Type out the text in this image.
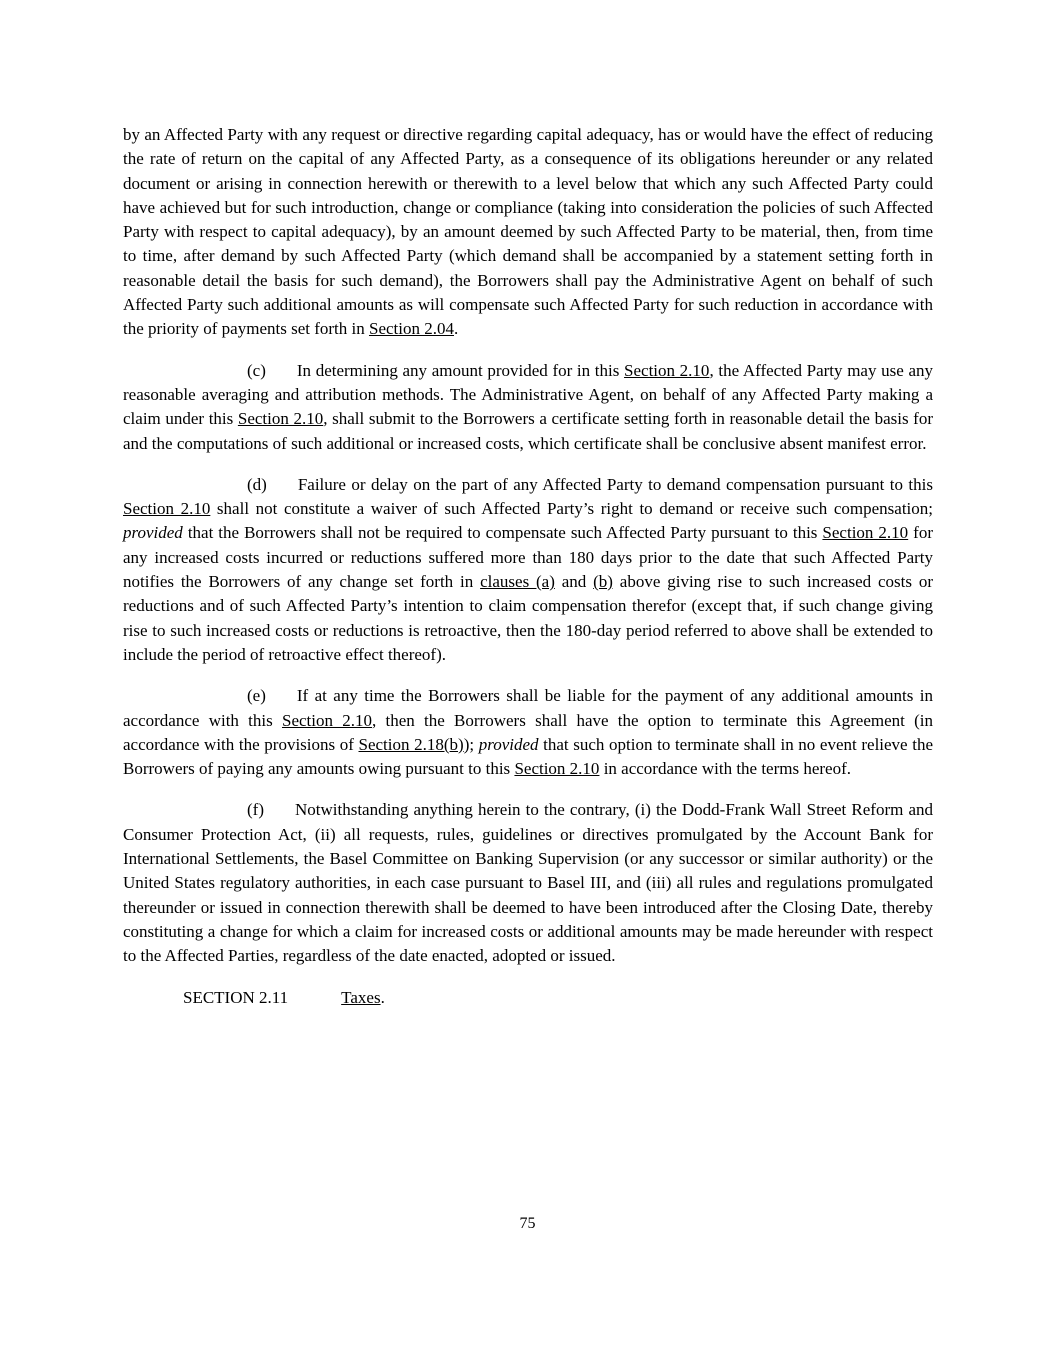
by an Affected Party with any request or directive regarding capital adequacy, has or would have the effect of reducing the rate of return on the capital of any Affected Party, as a consequence of its obligations hereunder or any related document or arising in connection herewith or therewith to a level below that which any such Affected Party could have achieved but for such introduction, change or compliance (taking into consideration the policies of such Affected Party with respect to capital adequacy), by an amount deemed by such Affected Party to be material, then, from time to time, after demand by such Affected Party (which demand shall be accompanied by a statement setting forth in reasonable detail the basis for such demand), the Borrowers shall pay the Administrative Agent on behalf of such Affected Party such additional amounts as will compensate such Affected Party for such reduction in accordance with the priority of payments set forth in Section 2.04.

(c) In determining any amount provided for in this Section 2.10, the Affected Party may use any reasonable averaging and attribution methods. The Administrative Agent, on behalf of any Affected Party making a claim under this Section 2.10, shall submit to the Borrowers a certificate setting forth in reasonable detail the basis for and the computations of such additional or increased costs, which certificate shall be conclusive absent manifest error.

(d) Failure or delay on the part of any Affected Party to demand compensation pursuant to this Section 2.10 shall not constitute a waiver of such Affected Party’s right to demand or receive such compensation; provided that the Borrowers shall not be required to compensate such Affected Party pursuant to this Section 2.10 for any increased costs incurred or reductions suffered more than 180 days prior to the date that such Affected Party notifies the Borrowers of any change set forth in clauses (a) and (b) above giving rise to such increased costs or reductions and of such Affected Party’s intention to claim compensation therefor (except that, if such change giving rise to such increased costs or reductions is retroactive, then the 180-day period referred to above shall be extended to include the period of retroactive effect thereof).

(e) If at any time the Borrowers shall be liable for the payment of any additional amounts in accordance with this Section 2.10, then the Borrowers shall have the option to terminate this Agreement (in accordance with the provisions of Section 2.18(b)); provided that such option to terminate shall in no event relieve the Borrowers of paying any amounts owing pursuant to this Section 2.10 in accordance with the terms hereof.

(f) Notwithstanding anything herein to the contrary, (i) the Dodd-Frank Wall Street Reform and Consumer Protection Act, (ii) all requests, rules, guidelines or directives promulgated by the Account Bank for International Settlements, the Basel Committee on Banking Supervision (or any successor or similar authority) or the United States regulatory authorities, in each case pursuant to Basel III, and (iii) all rules and regulations promulgated thereunder or issued in connection therewith shall be deemed to have been introduced after the Closing Date, thereby constituting a change for which a claim for increased costs or additional amounts may be made hereunder with respect to the Affected Parties, regardless of the date enacted, adopted or issued.

SECTION 2.11	Taxes.

75
